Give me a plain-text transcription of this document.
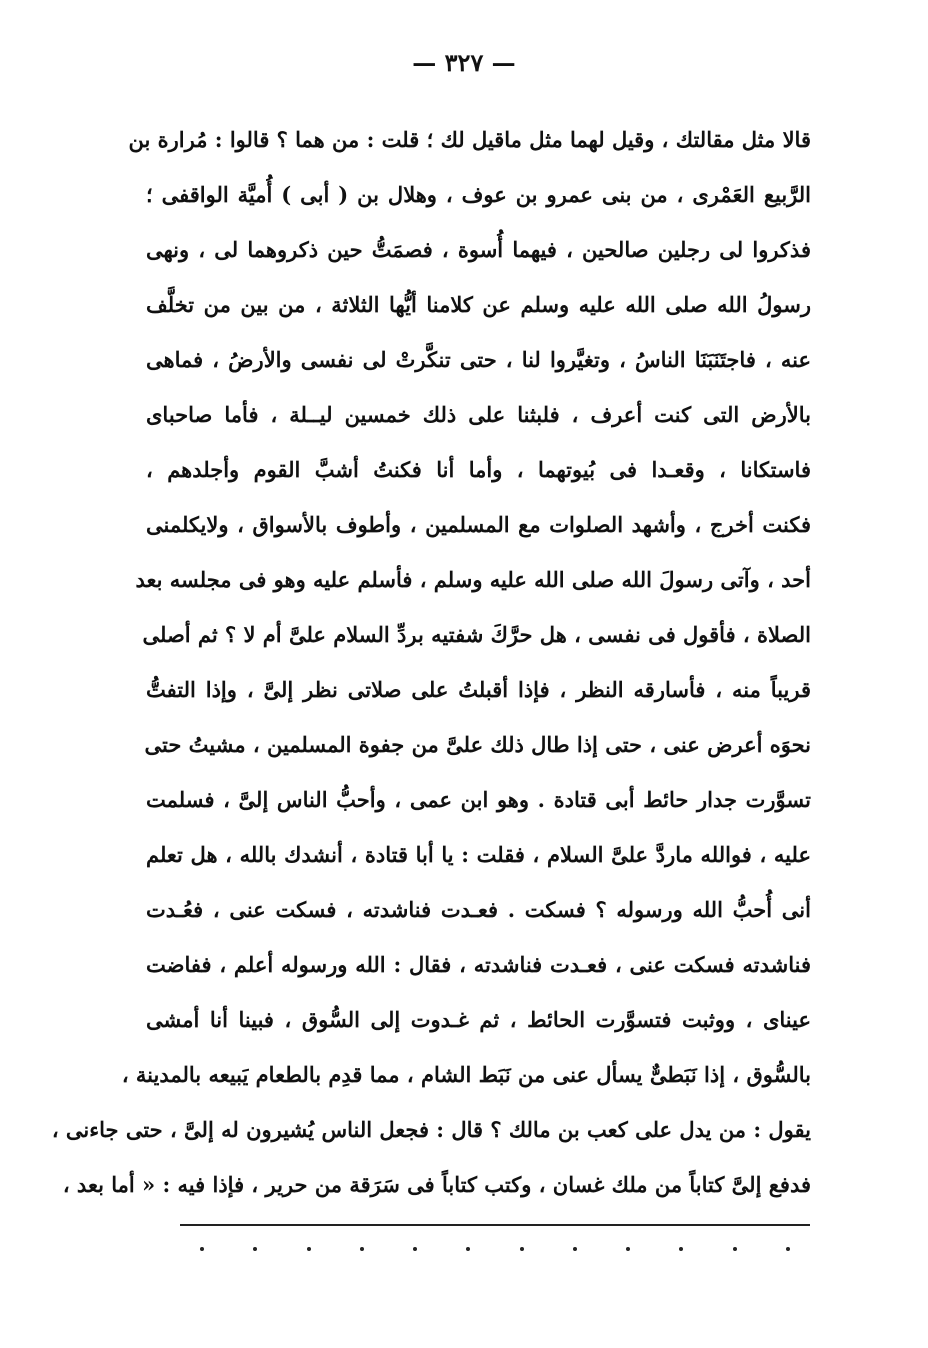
— ٣٢٧ —
قالا مثل مقالتك ، وقيل لهما مثل ماقيل لك ؛ قلت : من هما ؟ قالوا : مُرارة بن
الرَّبيع العَمْرى ، من بنى عمرو بن عوف ، وهلال بن ( أبى ) أُميَّة الواقفى ؛
فذكروا لى رجلين صالحين ، فيهما أُسوة ، فصمَتُّ حين ذكروهما لى ، ونهى
رسولُ الله صلى الله عليه وسلم عن كلامنا أيُّها الثلاثة ، من بين من تخلَّف
عنه ، فاجتَنَبَنَا الناسُ ، وتغيَّروا لنا ، حتى تنكَّرتْ لى نفسى والأرضُ ، فماهى
بالأرض التى كنت أعرف ، فلبثنا على ذلك خمسين ليــلة ، فأما صاحباى
فاستكانا ، وقعـدا فى بُيوتهما ، وأما أنا فكنتُ أشبَّ القوم وأجلدهم ،
فكنت أخرج ، وأشهد الصلوات مع المسلمين ، وأطوف بالأسواق ، ولايكلمنى
أحد ، وآتى رسولَ الله صلى الله عليه وسلم ، فأسلم عليه وهو فى مجلسه بعد
الصلاة ، فأقول فى نفسى ، هل حرَّكَ شفتيه بردِّ السلام علىَّ أم لا ؟ ثم أصلى
قريباً منه ، فأسارقه النظر ، فإذا أقبلتُ على صلاتى نظر إلىَّ ، وإذا التفتُّ
نحوَه أعرض عنى ، حتى إذا طال ذلك علىَّ من جفوة المسلمين ، مشيتُ حتى
تسوَّرت جدار حائط أبى قتادة . وهو ابن عمى ، وأحبُّ الناس إلىَّ ، فسلمت
عليه ، فوالله ماردَّ علىَّ السلام ، فقلت : يا أبا قتادة ، أنشدك بالله ، هل تعلم
أنى أُحبُّ الله ورسوله ؟ فسكت . فعـدت فناشدته ، فسكت عنى ، فعُـدت
فناشدته فسكت عنى ، فعـدت فناشدته ، فقال : الله ورسوله أعلم ، ففاضت
عيناى ، ووثبت فتسوَّرت الحائط ، ثم غـدوت إلى السُّوق ، فبينا أنا أمشى
بالسُّوق ، إذا نَبَطىٌّ يسأل عنى من نَبَط الشام ، مما قدِم بالطعام يَبيعه بالمدينة ،
يقول : من يدل على كعب بن مالك ؟ قال : فجعل الناس يُشيرون له إلىَّ ، حتى جاءنى ،
فدفع إلىَّ كتاباً من ملك غسان ، وكتب كتاباً فى سَرَقة من حرير ، فإذا فيه : « أما بعد ،
